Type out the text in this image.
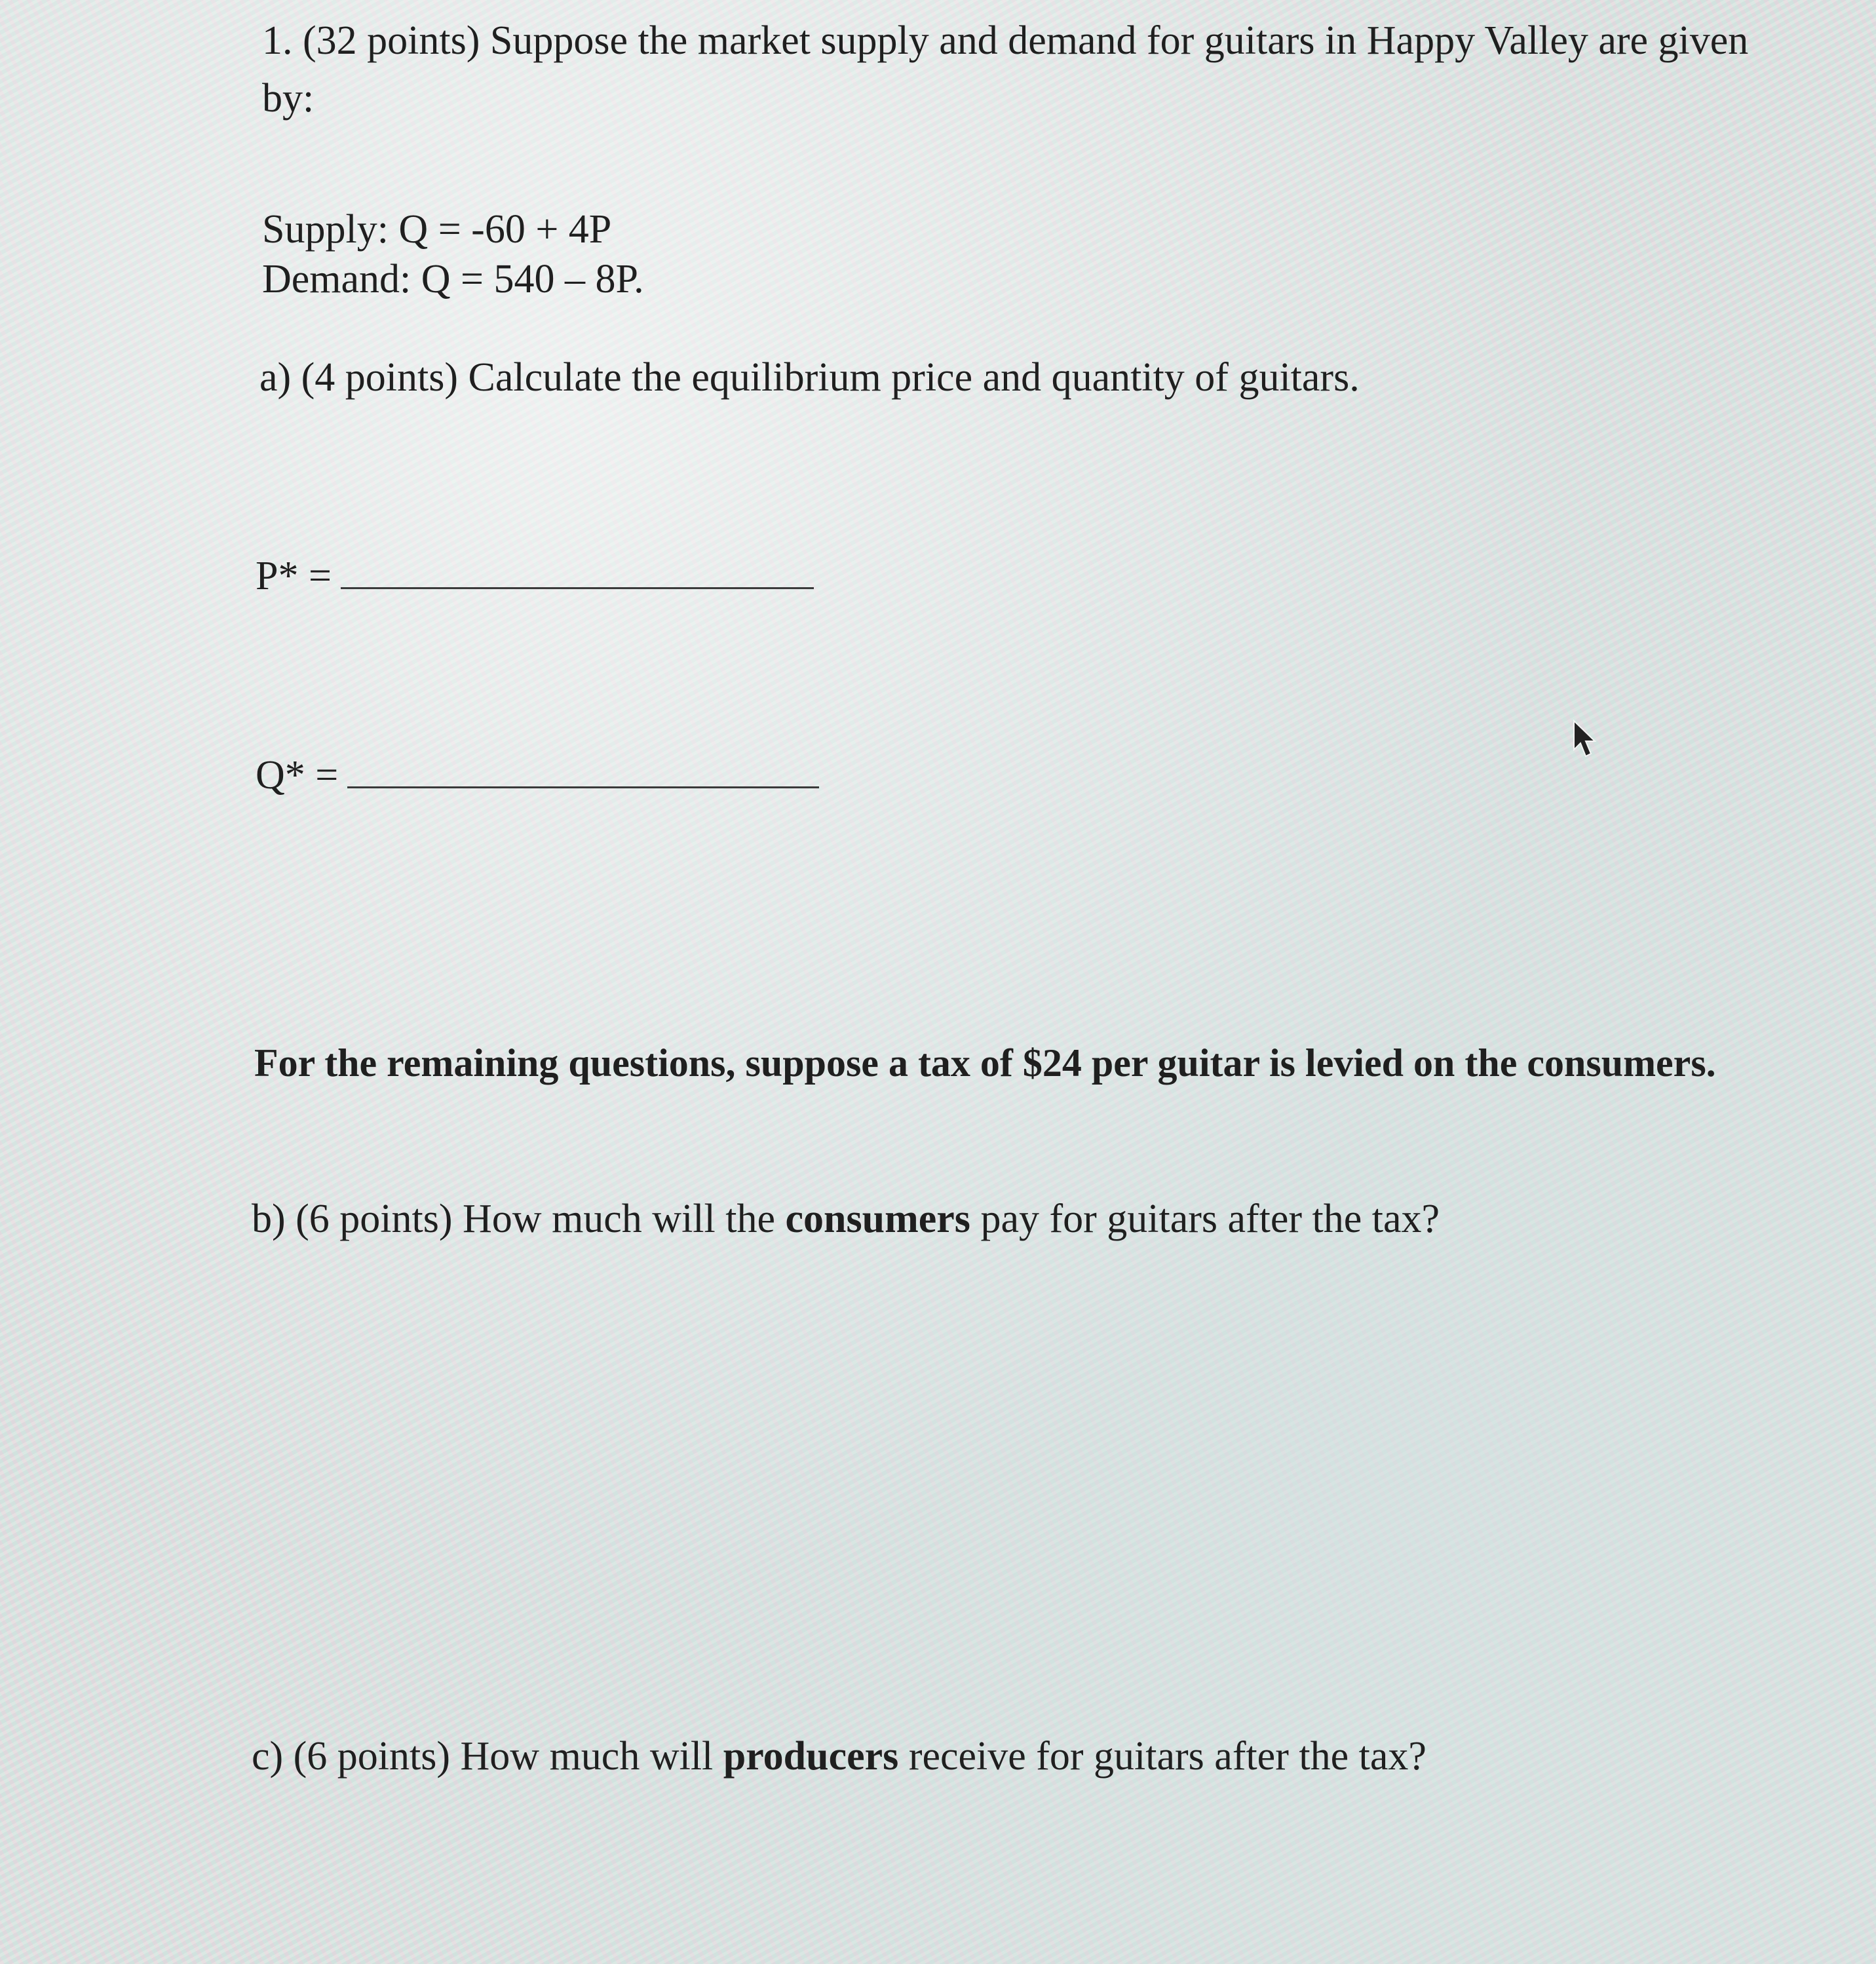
1. (32 points) Suppose the market supply and demand for guitars in Happy Valley are given by:
Supply: Q = -60 + 4P
Demand: Q = 540 – 8P.
a) (4 points) Calculate the equilibrium price and quantity of guitars.
P* =
Q* =
For the remaining questions, suppose a tax of $24 per guitar is levied on the consumers.
b) (6 points) How much will the consumers pay for guitars after the tax?
c) (6 points) How much will producers receive for guitars after the tax?
